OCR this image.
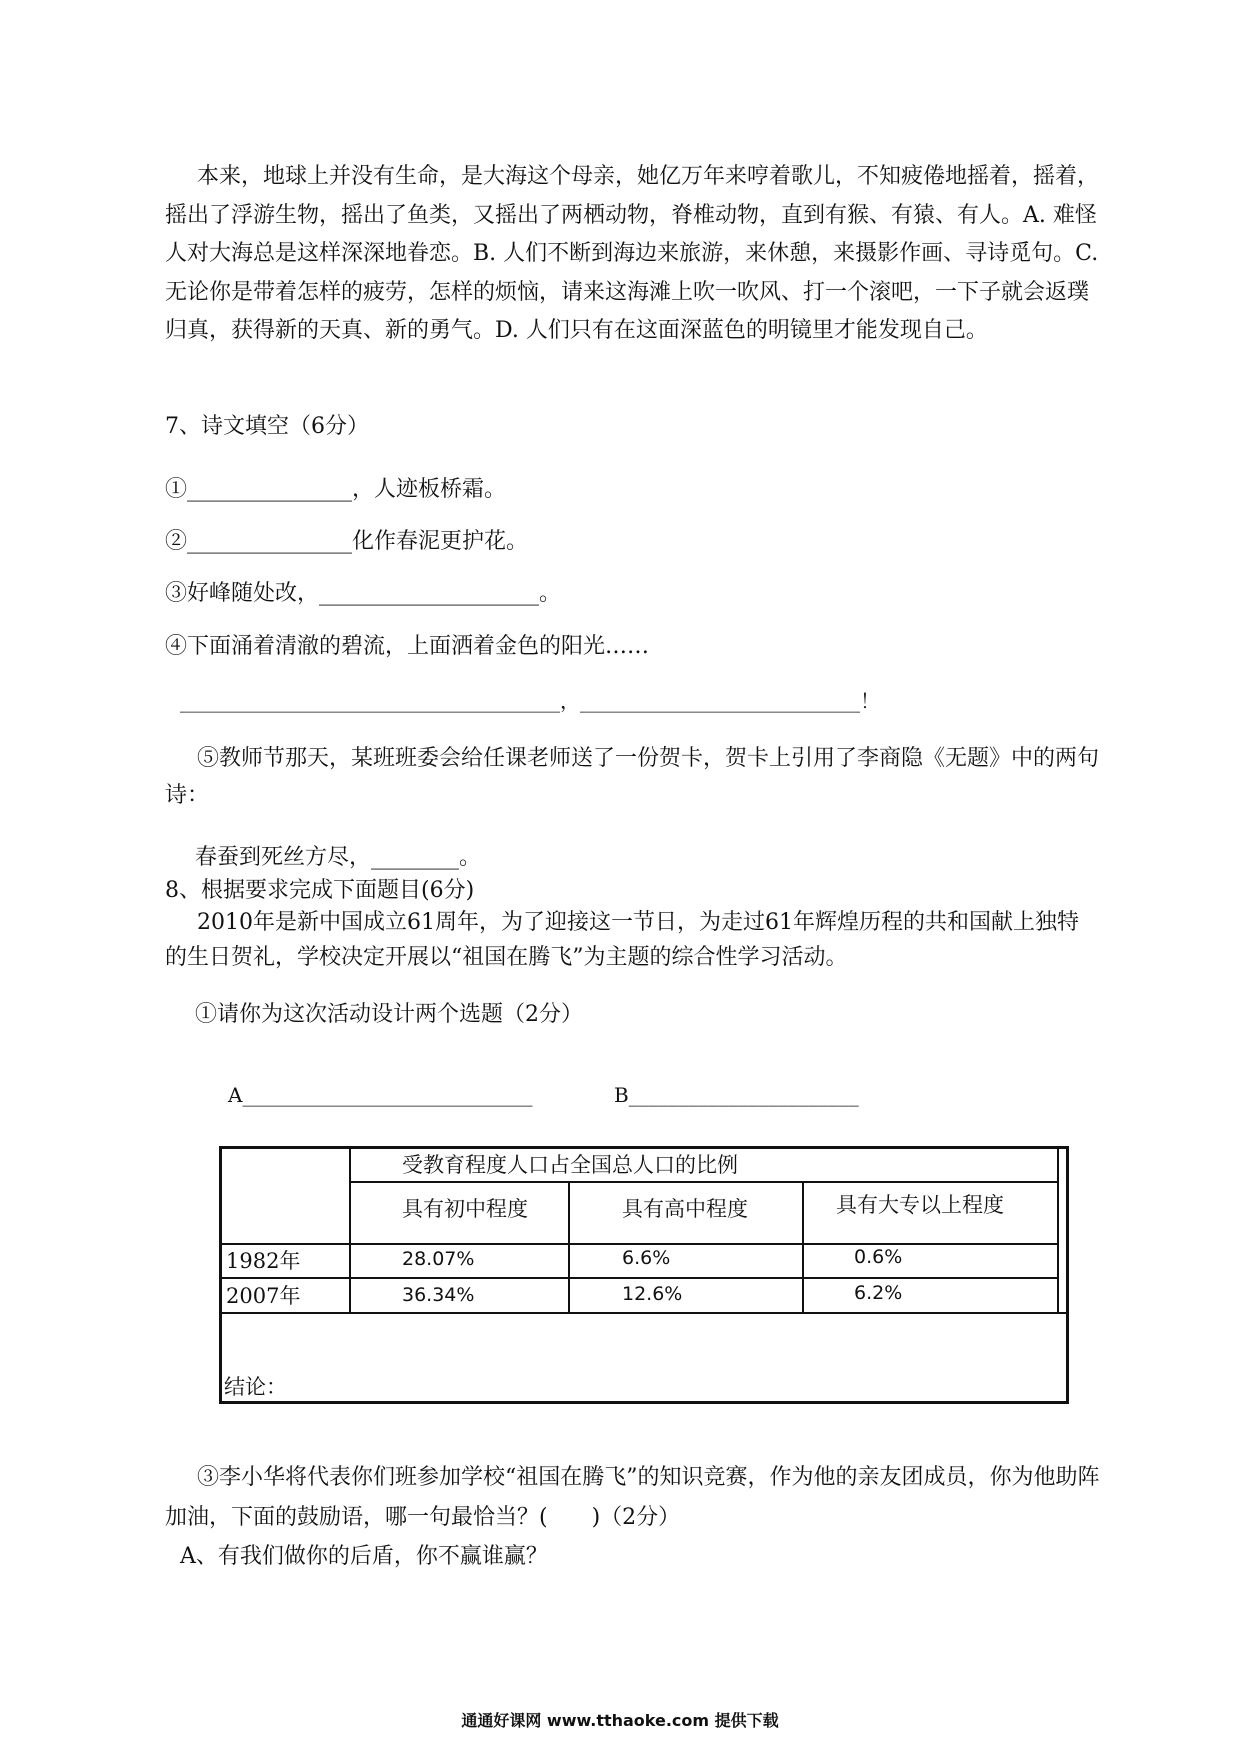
本来，地球上并没有生命，是大海这个母亲，她亿万年来哼着歌儿，不知疲倦地摇着，摇着，摇出了浮游生物，摇出了鱼类，又摇出了两栖动物，脊椎动物，直到有猴、有猿、有人。A. 难怪人对大海总是这样深深地眷恋。B. 人们不断到海边来旅游，来休憩，来摄影作画、寻诗觅句。C. 无论你是带着怎样的疲劳，怎样的烦恼，请来这海滩上吹一吹风、打一个滚吧，一下子就会返璞归真，获得新的天真、新的勇气。D. 人们只有在这面深蓝色的明镜里才能发现自己。
7、诗文填空（6分）
①_______________，人迹板桥霜。
②_______________化作春泥更护花。
③好峰随处改，____________________。
④下面涌着清澈的碧流，上面洒着金色的阳光……
______________________________________，____________________________！
⑤教师节那天，某班班委会给任课老师送了一份贺卡，贺卡上引用了李商隐《无题》中的两句诗：
春蚕到死丝方尽，________。
8、根据要求完成下面题目(6分)
2010年是新中国成立61周年，为了迎接这一节日，为走过61年辉煌历程的共和国献上独特的生日贺礼，学校决定开展以“祖国在腾飞”为主题的综合性学习活动。
①请你为这次活动设计两个选题（2分）
A_____________________________	B_______________________
受教育程度人口占全国总人口的比例
具有初中程度	具有高中程度	具有大专以上程度
1982年	28.07%	6.6%	0.6%
2007年	36.34%	12.6%	6.2%
结论：
③李小华将代表你们班参加学校“祖国在腾飞”的知识竞赛，作为他的亲友团成员，你为他助阵加油，下面的鼓励语，哪一句最恰当？(　　)（2分）
A、有我们做你的后盾，你不赢谁赢？
通通好课网 www.tthaoke.com 提供下载
